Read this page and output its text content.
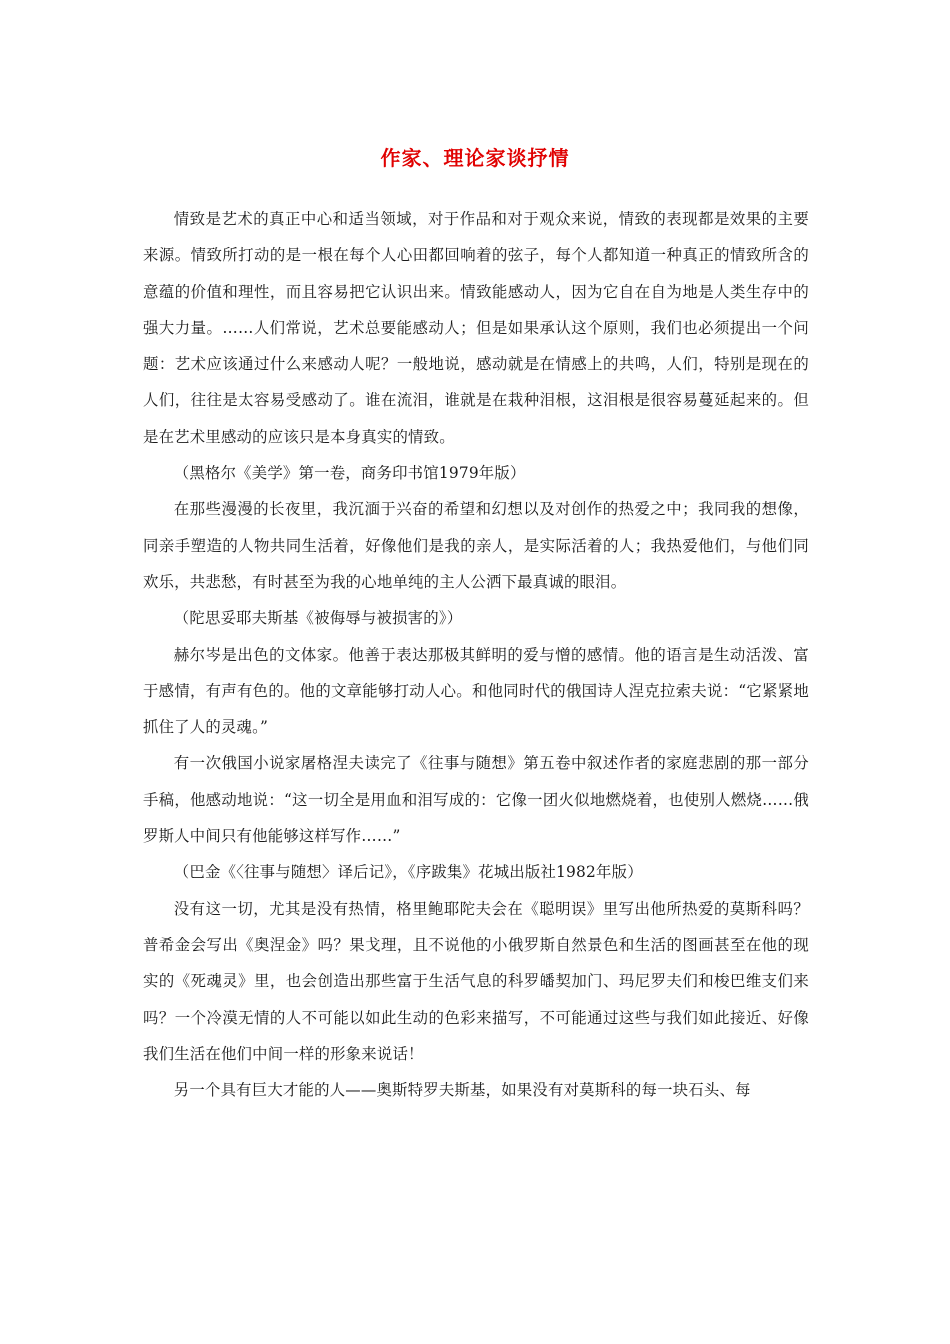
作家、理论家谈抒情

情致是艺术的真正中心和适当领域，对于作品和对于观众来说，情致的表现都是效果的主要来源。情致所打动的是一根在每个人心田都回响着的弦子，每个人都知道一种真正的情致所含的意蕴的价值和理性，而且容易把它认识出来。情致能感动人，因为它自在自为地是人类生存中的强大力量。……人们常说，艺术总要能感动人；但是如果承认这个原则，我们也必须提出一个问题：艺术应该通过什么来感动人呢？一般地说，感动就是在情感上的共鸣，人们，特别是现在的人们，往往是太容易受感动了。谁在流泪，谁就是在栽种泪根，这泪根是很容易蔓延起来的。但是在艺术里感动的应该只是本身真实的情致。

（黑格尔《美学》第一卷，商务印书馆1979年版）

在那些漫漫的长夜里，我沉湎于兴奋的希望和幻想以及对创作的热爱之中；我同我的想像，同亲手塑造的人物共同生活着，好像他们是我的亲人，是实际活着的人；我热爱他们，与他们同欢乐，共悲愁，有时甚至为我的心地单纯的主人公洒下最真诚的眼泪。

（陀思妥耶夫斯基《被侮辱与被损害的》）

赫尔岑是出色的文体家。他善于表达那极其鲜明的爱与憎的感情。他的语言是生动活泼、富于感情，有声有色的。他的文章能够打动人心。和他同时代的俄国诗人涅克拉索夫说：“它紧紧地抓住了人的灵魂。”

有一次俄国小说家屠格涅夫读完了《往事与随想》第五卷中叙述作者的家庭悲剧的那一部分手稿，他感动地说：“这一切全是用血和泪写成的：它像一团火似地燃烧着，也使别人燃烧……俄罗斯人中间只有他能够这样写作……”

（巴金《〈往事与随想〉译后记》，《序跋集》花城出版社1982年版）

没有这一切，尤其是没有热情，格里鲍耶陀夫会在《聪明误》里写出他所热爱的莫斯科吗？普希金会写出《奥涅金》吗？果戈理，且不说他的小俄罗斯自然景色和生活的图画甚至在他的现实的《死魂灵》里，也会创造出那些富于生活气息的科罗皤契加门、玛尼罗夫们和梭巴维支们来吗？一个冷漠无情的人不可能以如此生动的色彩来描写，不可能通过这些与我们如此接近、好像我们生活在他们中间一样的形象来说话！

另一个具有巨大才能的人——奥斯特罗夫斯基，如果没有对莫斯科的每一块石头、每
